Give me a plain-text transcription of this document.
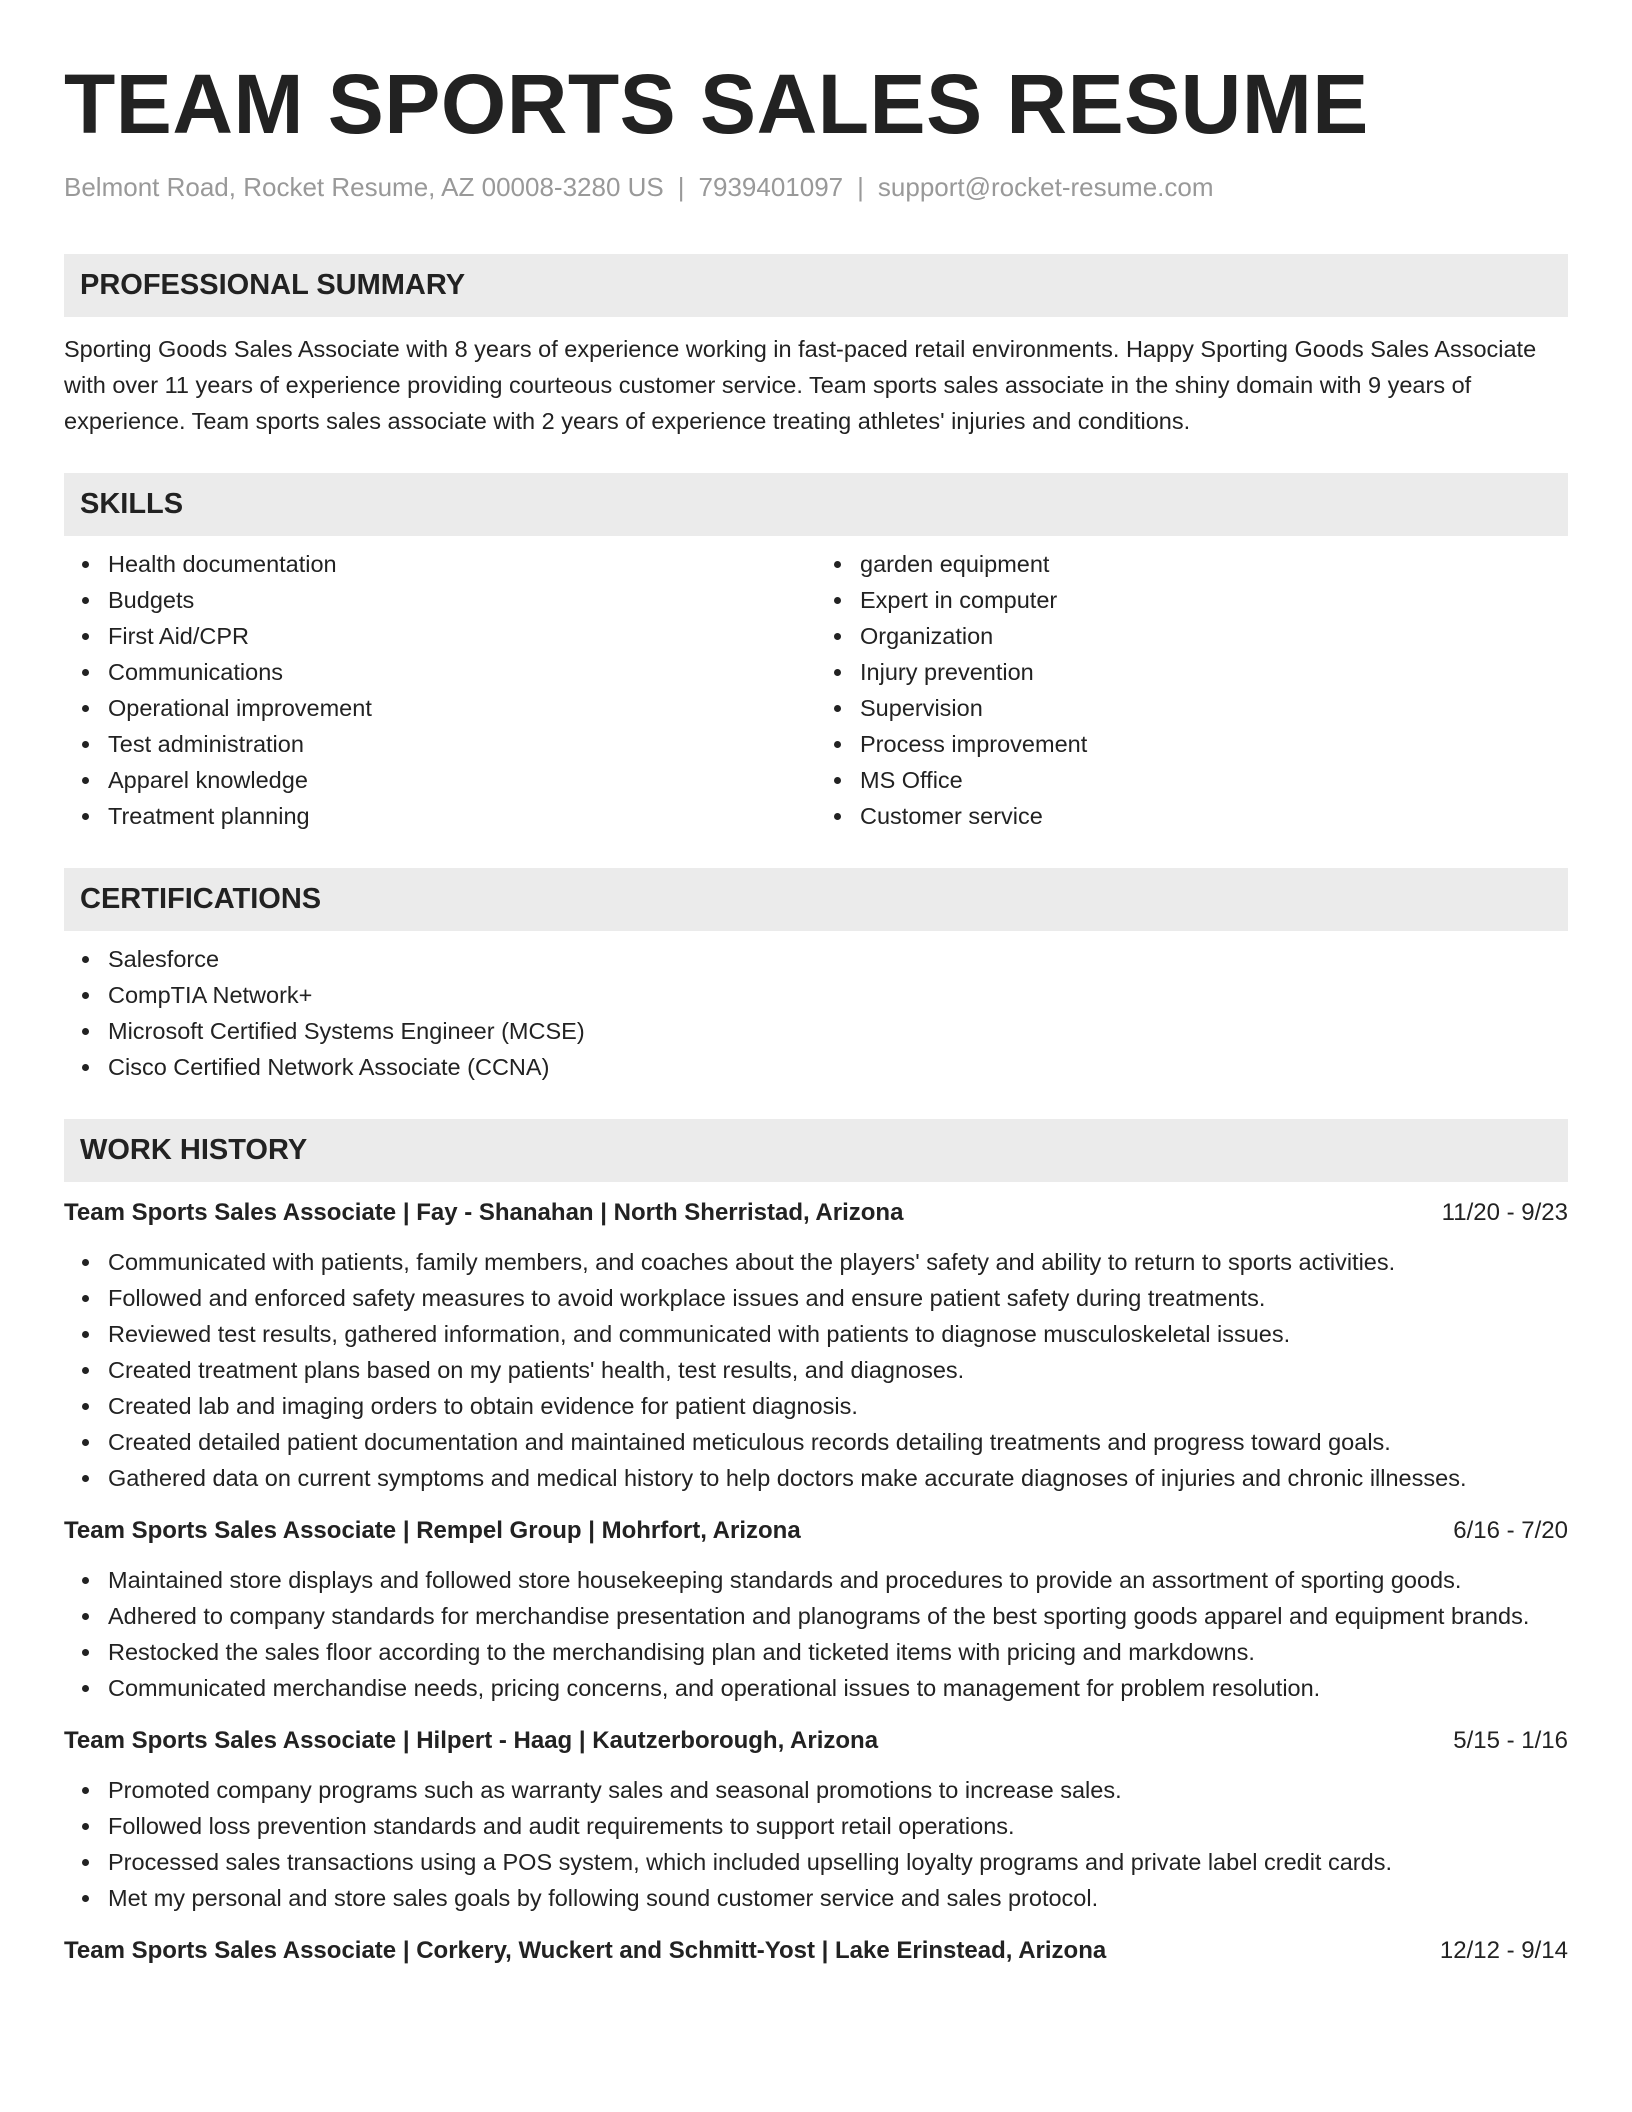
TEAM SPORTS SALES RESUME
Belmont Road, Rocket Resume, AZ 00008-3280 US | 7939401097 | support@rocket-resume.com
PROFESSIONAL SUMMARY
Sporting Goods Sales Associate with 8 years of experience working in fast-paced retail environments. Happy Sporting Goods Sales Associate with over 11 years of experience providing courteous customer service. Team sports sales associate in the shiny domain with 9 years of experience. Team sports sales associate with 2 years of experience treating athletes' injuries and conditions.
SKILLS
Health documentation
Budgets
First Aid/CPR
Communications
Operational improvement
Test administration
Apparel knowledge
Treatment planning
garden equipment
Expert in computer
Organization
Injury prevention
Supervision
Process improvement
MS Office
Customer service
CERTIFICATIONS
Salesforce
CompTIA Network+
Microsoft Certified Systems Engineer (MCSE)
Cisco Certified Network Associate (CCNA)
WORK HISTORY
Team Sports Sales Associate | Fay - Shanahan | North Sherristad, Arizona	11/20 - 9/23
Communicated with patients, family members, and coaches about the players' safety and ability to return to sports activities.
Followed and enforced safety measures to avoid workplace issues and ensure patient safety during treatments.
Reviewed test results, gathered information, and communicated with patients to diagnose musculoskeletal issues.
Created treatment plans based on my patients' health, test results, and diagnoses.
Created lab and imaging orders to obtain evidence for patient diagnosis.
Created detailed patient documentation and maintained meticulous records detailing treatments and progress toward goals.
Gathered data on current symptoms and medical history to help doctors make accurate diagnoses of injuries and chronic illnesses.
Team Sports Sales Associate | Rempel Group | Mohrfort, Arizona	6/16 - 7/20
Maintained store displays and followed store housekeeping standards and procedures to provide an assortment of sporting goods.
Adhered to company standards for merchandise presentation and planograms of the best sporting goods apparel and equipment brands.
Restocked the sales floor according to the merchandising plan and ticketed items with pricing and markdowns.
Communicated merchandise needs, pricing concerns, and operational issues to management for problem resolution.
Team Sports Sales Associate | Hilpert - Haag | Kautzerborough, Arizona	5/15 - 1/16
Promoted company programs such as warranty sales and seasonal promotions to increase sales.
Followed loss prevention standards and audit requirements to support retail operations.
Processed sales transactions using a POS system, which included upselling loyalty programs and private label credit cards.
Met my personal and store sales goals by following sound customer service and sales protocol.
Team Sports Sales Associate | Corkery, Wuckert and Schmitt-Yost | Lake Erinstead, Arizona	12/12 - 9/14
